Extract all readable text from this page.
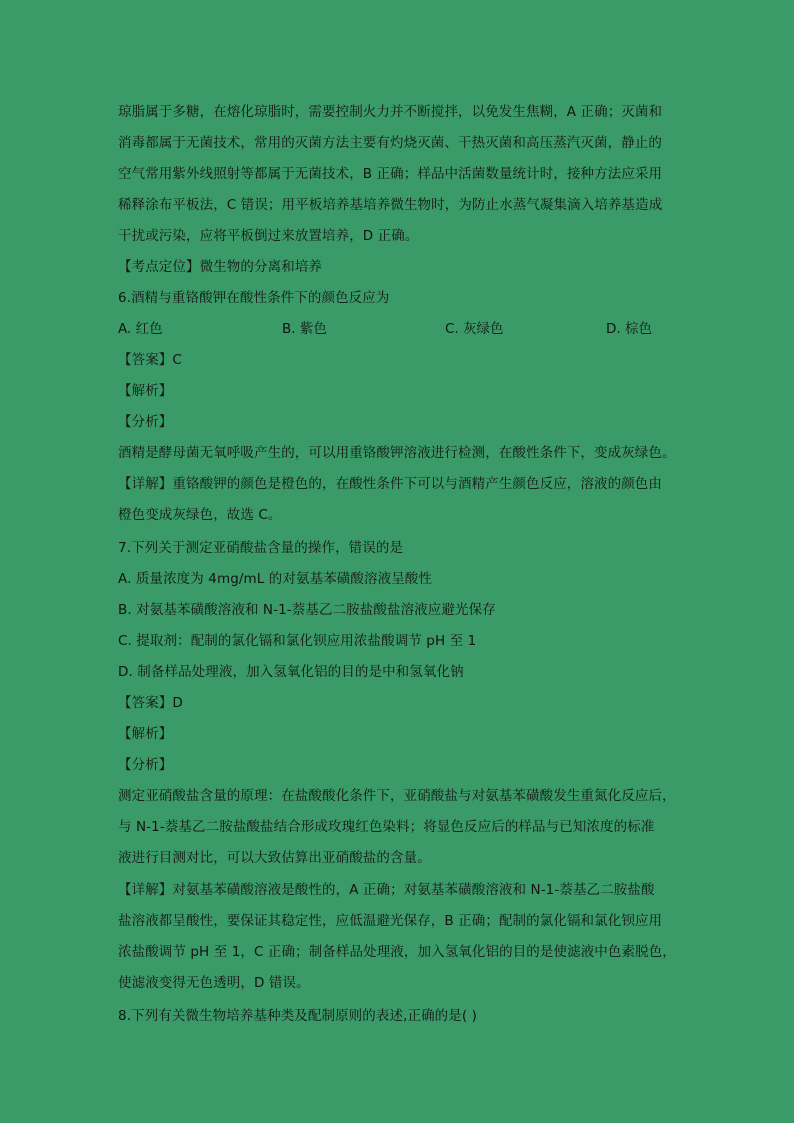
琼脂属于多糖，在熔化琼脂时，需要控制火力并不断搅拌，以免发生焦糊，A 正确；灭菌和
消毒都属于无菌技术，常用的灭菌方法主要有灼烧灭菌、干热灭菌和高压蒸汽灭菌，静止的
空气常用紫外线照射等都属于无菌技术，B 正确；样品中活菌数量统计时，接种方法应采用
稀释涂布平板法，C 错误；用平板培养基培养微生物时，为防止水蒸气凝集滴入培养基造成
干扰或污染，应将平板倒过来放置培养，D 正确。
【考点定位】微生物的分离和培养
6.酒精与重铬酸钾在酸性条件下的颜色反应为
A. 红色	B. 紫色	C. 灰绿色	D. 棕色
【答案】C
【解析】
【分析】
酒精是酵母菌无氧呼吸产生的，可以用重铬酸钾溶液进行检测，在酸性条件下，变成灰绿色。
【详解】重铬酸钾的颜色是橙色的，在酸性条件下可以与酒精产生颜色反应，溶液的颜色由
橙色变成灰绿色，故选 C。
7.下列关于测定亚硝酸盐含量的操作，错误的是
A. 质量浓度为 4mg/mL 的对氨基苯磺酸溶液呈酸性
B. 对氨基苯磺酸溶液和 N-1-萘基乙二胺盐酸盐溶液应避光保存
C. 提取剂：配制的氯化镉和氯化钡应用浓盐酸调节 pH 至 1
D. 制备样品处理液，加入氢氧化铝的目的是中和氢氧化钠
【答案】D
【解析】
【分析】
测定亚硝酸盐含量的原理：在盐酸酸化条件下，亚硝酸盐与对氨基苯磺酸发生重氮化反应后，
与 N-1-萘基乙二胺盐酸盐结合形成玫瑰红色染料；将显色反应后的样品与已知浓度的标准
液进行目测对比，可以大致估算出亚硝酸盐的含量。
【详解】对氨基苯磺酸溶液是酸性的，A 正确；对氨基苯磺酸溶液和 N-1-萘基乙二胺盐酸
盐溶液都呈酸性，要保证其稳定性，应低温避光保存，B 正确；配制的氯化镉和氯化钡应用
浓盐酸调节 pH 至 1，C 正确；制备样品处理液，加入氢氧化铝的目的是使滤液中色素脱色，
使滤液变得无色透明，D 错误。
8.下列有关微生物培养基种类及配制原则的表述,正确的是( )
